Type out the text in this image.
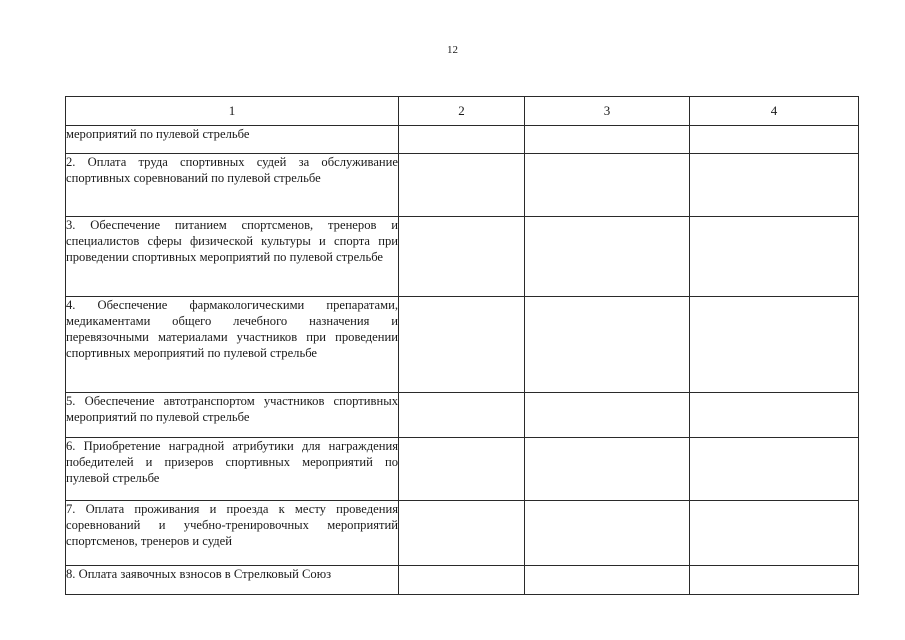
12
1	2	3	4
мероприятий по пулевой стрельбе			
2. Оплата труда спортивных судей за обслуживание спортивных соревнований по пулевой стрельбе			
3. Обеспечение питанием спортсменов, тренеров и специалистов сферы физической культуры и спорта при проведении спортивных мероприятий по пулевой стрельбе			
4. Обеспечение фармакологическими препаратами, медикаментами общего лечебного назначения и перевязочными материалами участников при проведении спортивных мероприятий по пулевой стрельбе			
5. Обеспечение автотранспортом участников спортивных мероприятий по пулевой стрельбе			
6. Приобретение наградной атрибутики для награждения победителей и призеров спортивных мероприятий по пулевой стрельбе			
7. Оплата проживания и проезда к месту проведения соревнований и учебно-тренировочных мероприятий спортсменов, тренеров и судей			
8. Оплата заявочных взносов в Стрелковый Союз			
